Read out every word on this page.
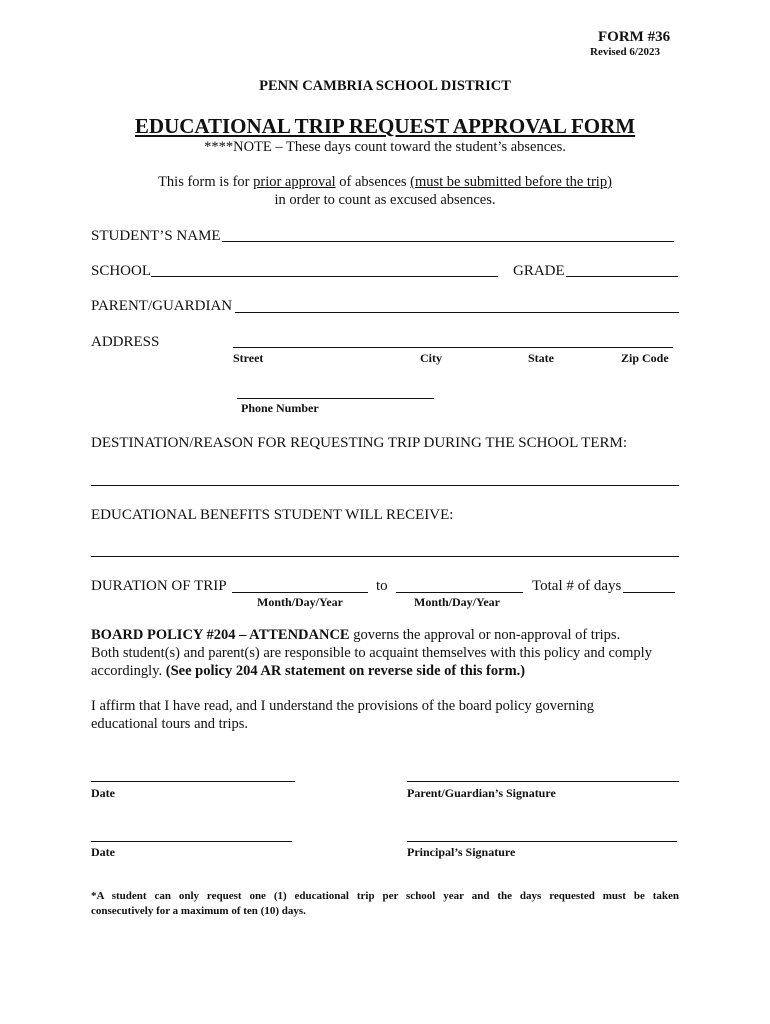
FORM #36
Revised 6/2023
PENN CAMBRIA SCHOOL DISTRICT
EDUCATIONAL TRIP REQUEST APPROVAL FORM
****NOTE – These days count toward the student’s absences.
This form is for prior approval of absences (must be submitted before the trip)
in order to count as excused absences.
STUDENT’S NAME
SCHOOL	GRADE
PARENT/GUARDIAN
ADDRESS
Street	City	State	Zip Code
Phone Number
DESTINATION/REASON FOR REQUESTING TRIP DURING THE SCHOOL TERM:
EDUCATIONAL BENEFITS STUDENT WILL RECEIVE:
DURATION OF TRIP	to	Total # of days
Month/Day/Year	Month/Day/Year
BOARD POLICY #204 – ATTENDANCE governs the approval or non-approval of trips.
Both student(s) and parent(s) are responsible to acquaint themselves with this policy and comply
accordingly. (See policy 204 AR statement on reverse side of this form.)
I affirm that I have read, and I understand the provisions of the board policy governing
educational tours and trips.
Date	Parent/Guardian’s Signature
Date	Principal’s Signature
*A student can only request one (1) educational trip per school year and the days requested must be taken
consecutively for a maximum of ten (10) days.
